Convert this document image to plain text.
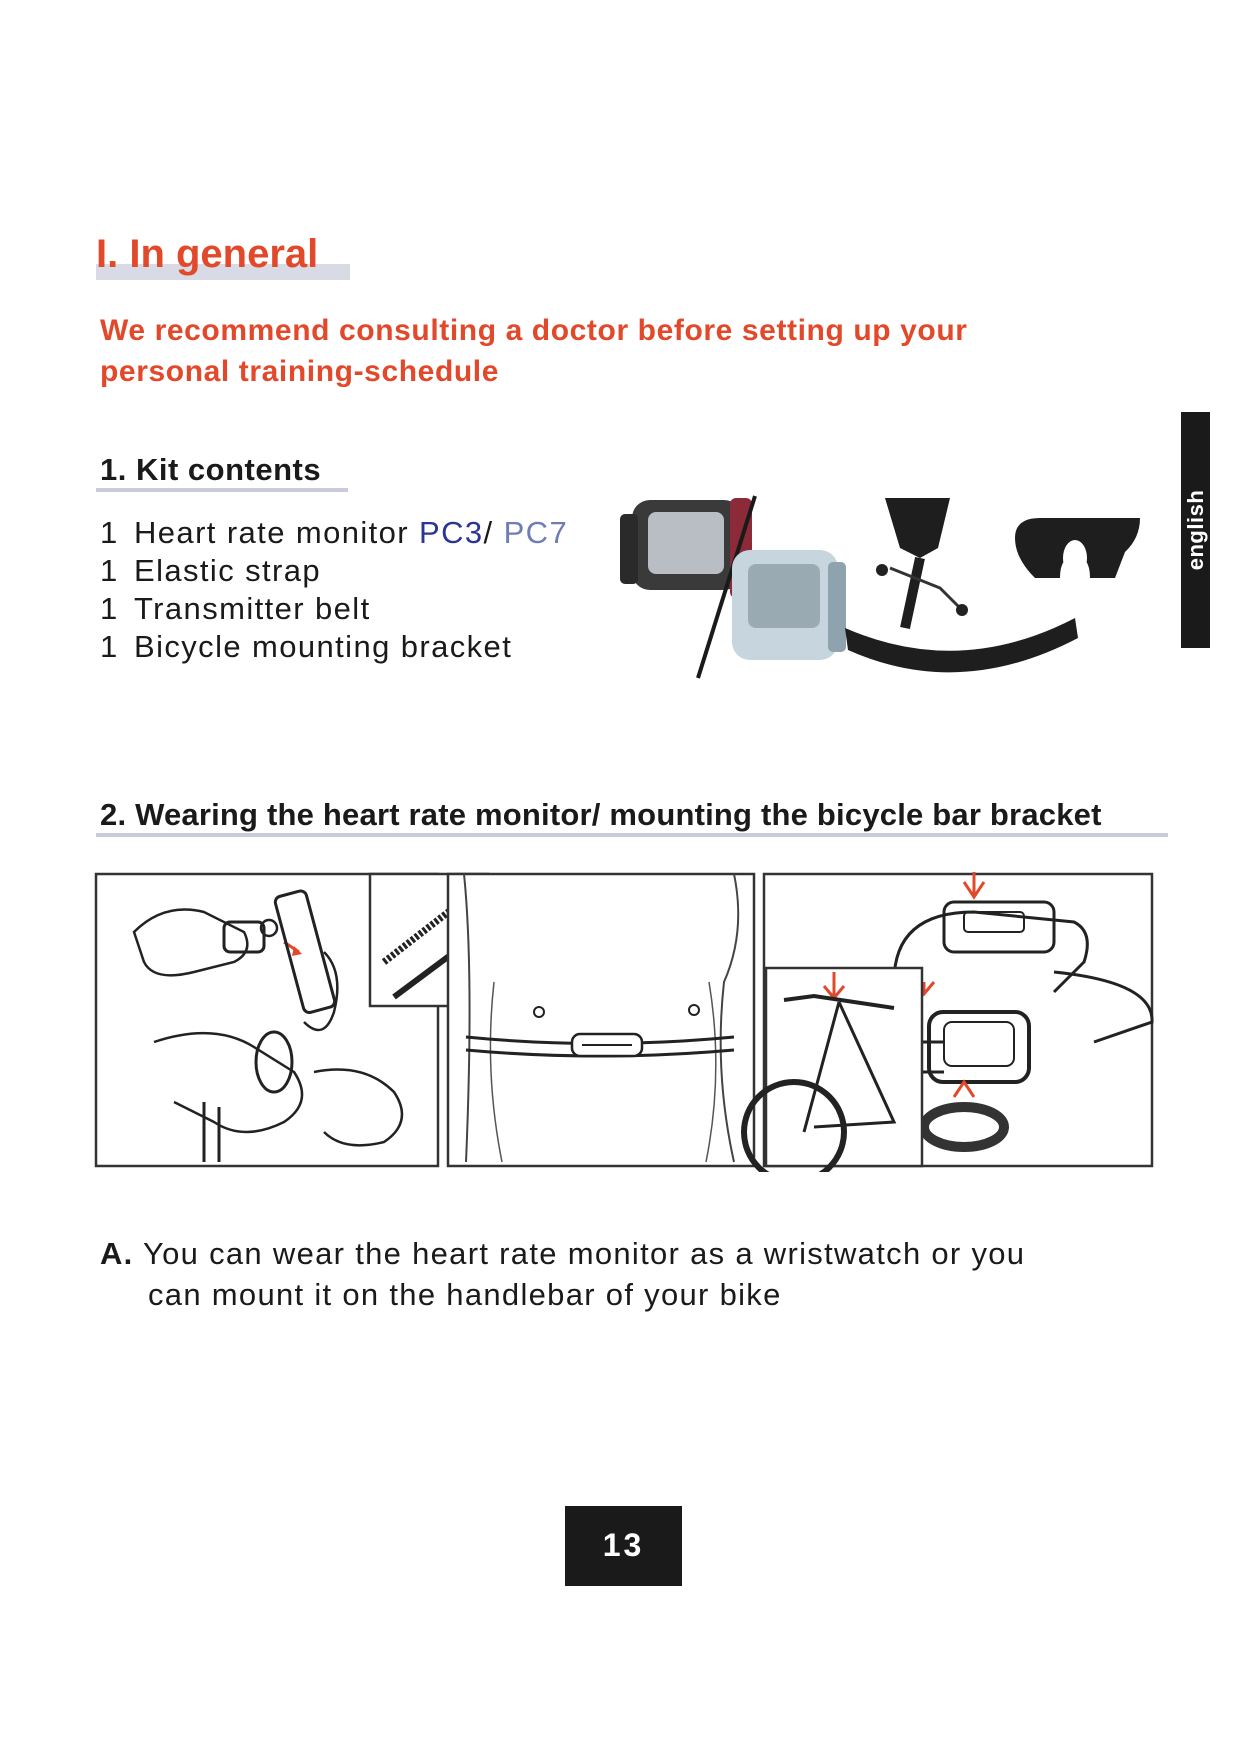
I. In general

We recommend consulting a doctor before setting up your personal training-schedule

1. Kit contents
1 Heart rate monitor PC3/ PC7
1 Elastic strap
1 Transmitter belt
1 Bicycle mounting bracket
english
2. Wearing the heart rate monitor/ mounting the bicycle bar bracket

A. You can wear the heart rate monitor as a wristwatch or you
can mount it on the handlebar of your bike

13
